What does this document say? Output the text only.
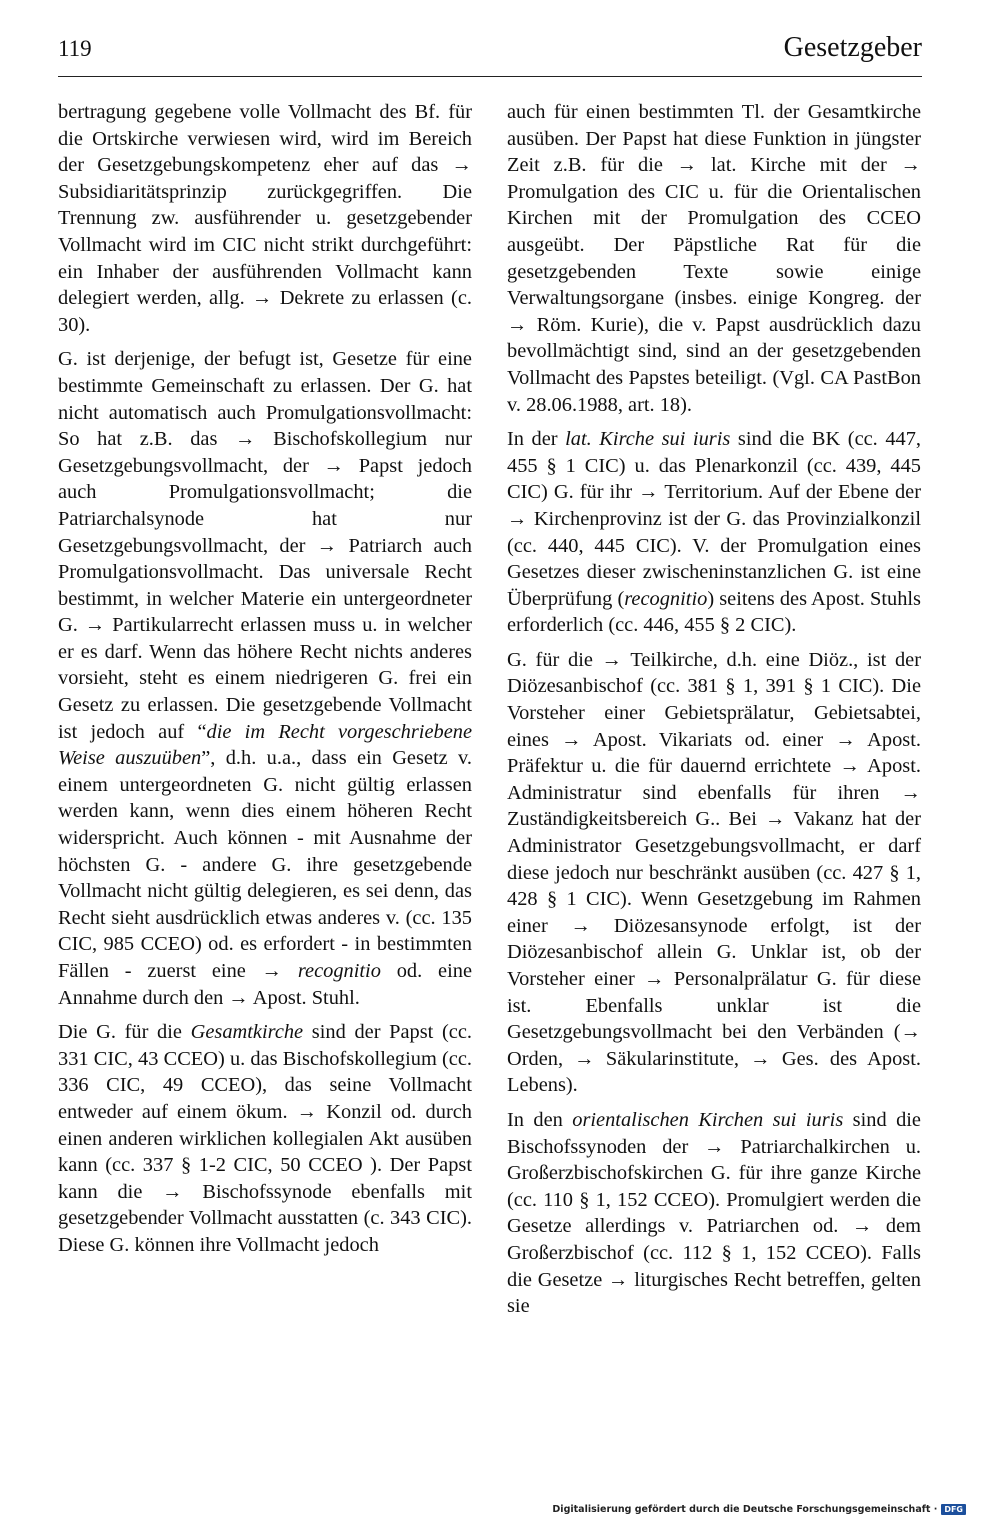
119	Gesetzgeber

bertragung gegebene volle Vollmacht des Bf. für die Ortskirche verwiesen wird, wird im Bereich der Gesetzgebungskompetenz eher auf das → Subsidiaritätsprinzip zurückgegriffen. Die Trennung zw. ausführender u. gesetzgebender Vollmacht wird im CIC nicht strikt durchgeführt: ein Inhaber der ausführenden Vollmacht kann delegiert werden, allg. → Dekrete zu erlassen (c. 30).

G. ist derjenige, der befugt ist, Gesetze für eine bestimmte Gemeinschaft zu erlassen. Der G. hat nicht automatisch auch Promulgationsvollmacht: So hat z.B. das → Bischofskollegium nur Gesetzgebungsvollmacht, der → Papst jedoch auch Promulgationsvollmacht; die Patriarchalsynode hat nur Gesetzgebungsvollmacht, der → Patriarch auch Promulgationsvollmacht. Das universale Recht bestimmt, in welcher Materie ein untergeordneter G. → Partikularrecht erlassen muss u. in welcher er es darf. Wenn das höhere Recht nichts anderes vorsieht, steht es einem niedrigeren G. frei ein Gesetz zu erlassen. Die gesetzgebende Vollmacht ist jedoch auf “die im Recht vorgeschriebene Weise auszuüben”, d.h. u.a., dass ein Gesetz v. einem untergeordneten G. nicht gültig erlassen werden kann, wenn dies einem höheren Recht widerspricht. Auch können - mit Ausnahme der höchsten G. - andere G. ihre gesetzgebende Vollmacht nicht gültig delegieren, es sei denn, das Recht sieht ausdrücklich etwas anderes v. (cc. 135 CIC, 985 CCEO) od. es erfordert - in bestimmten Fällen - zuerst eine → recognitio od. eine Annahme durch den → Apost. Stuhl.

Die G. für die Gesamtkirche sind der Papst (cc. 331 CIC, 43 CCEO) u. das Bischofskollegium (cc. 336 CIC, 49 CCEO), das seine Vollmacht entweder auf einem ökum. → Konzil od. durch einen anderen wirklichen kollegialen Akt ausüben kann (cc. 337 § 1-2 CIC, 50 CCEO ). Der Papst kann die → Bischofssynode ebenfalls mit gesetzgebender Vollmacht ausstatten (c. 343 CIC). Diese G. können ihre Vollmacht jedoch

auch für einen bestimmten Tl. der Gesamtkirche ausüben. Der Papst hat diese Funktion in jüngster Zeit z.B. für die → lat. Kirche mit der → Promulgation des CIC u. für die Orientalischen Kirchen mit der Promulgation des CCEO ausgeübt. Der Päpstliche Rat für die gesetzgebenden Texte sowie einige Verwaltungsorgane (insbes. einige Kongreg. der → Röm. Kurie), die v. Papst ausdrücklich dazu bevollmächtigt sind, sind an der gesetzgebenden Vollmacht des Papstes beteiligt. (Vgl. CA PastBon v. 28.06.1988, art. 18).

In der lat. Kirche sui iuris sind die BK (cc. 447, 455 § 1 CIC) u. das Plenarkonzil (cc. 439, 445 CIC) G. für ihr → Territorium. Auf der Ebene der → Kirchenprovinz ist der G. das Provinzialkonzil (cc. 440, 445 CIC). V. der Promulgation eines Gesetzes dieser zwischeninstanzlichen G. ist eine Überprüfung (recognitio) seitens des Apost. Stuhls erforderlich (cc. 446, 455 § 2 CIC).

G. für die → Teilkirche, d.h. eine Diöz., ist der Diözesanbischof (cc. 381 § 1, 391 § 1 CIC). Die Vorsteher einer Gebietsprälatur, Gebietsabtei, eines → Apost. Vikariats od. einer → Apost. Präfektur u. die für dauernd errichtete → Apost. Administratur sind ebenfalls für ihren → Zuständigkeitsbereich G.. Bei → Vakanz hat der Administrator Gesetzgebungsvollmacht, er darf diese jedoch nur beschränkt ausüben (cc. 427 § 1, 428 § 1 CIC). Wenn Gesetzgebung im Rahmen einer → Diözesansynode erfolgt, ist der Diözesanbischof allein G. Unklar ist, ob der Vorsteher einer → Personalprälatur G. für diese ist. Ebenfalls unklar ist die Gesetzgebungsvollmacht bei den Verbänden (→ Orden, → Säkularinstitute, → Ges. des Apost. Lebens).

In den orientalischen Kirchen sui iuris sind die Bischofssynoden der → Patriarchalkirchen u. Großerzbischofskirchen G. für ihre ganze Kirche (cc. 110 § 1, 152 CCEO). Promulgiert werden die Gesetze allerdings v. Patriarchen od. → dem Großerzbischof (cc. 112 § 1, 152 CCEO). Falls die Gesetze → liturgisches Recht betreffen, gelten sie

Digitalisierung gefördert durch die Deutsche Forschungsgemeinschaft · DFG
